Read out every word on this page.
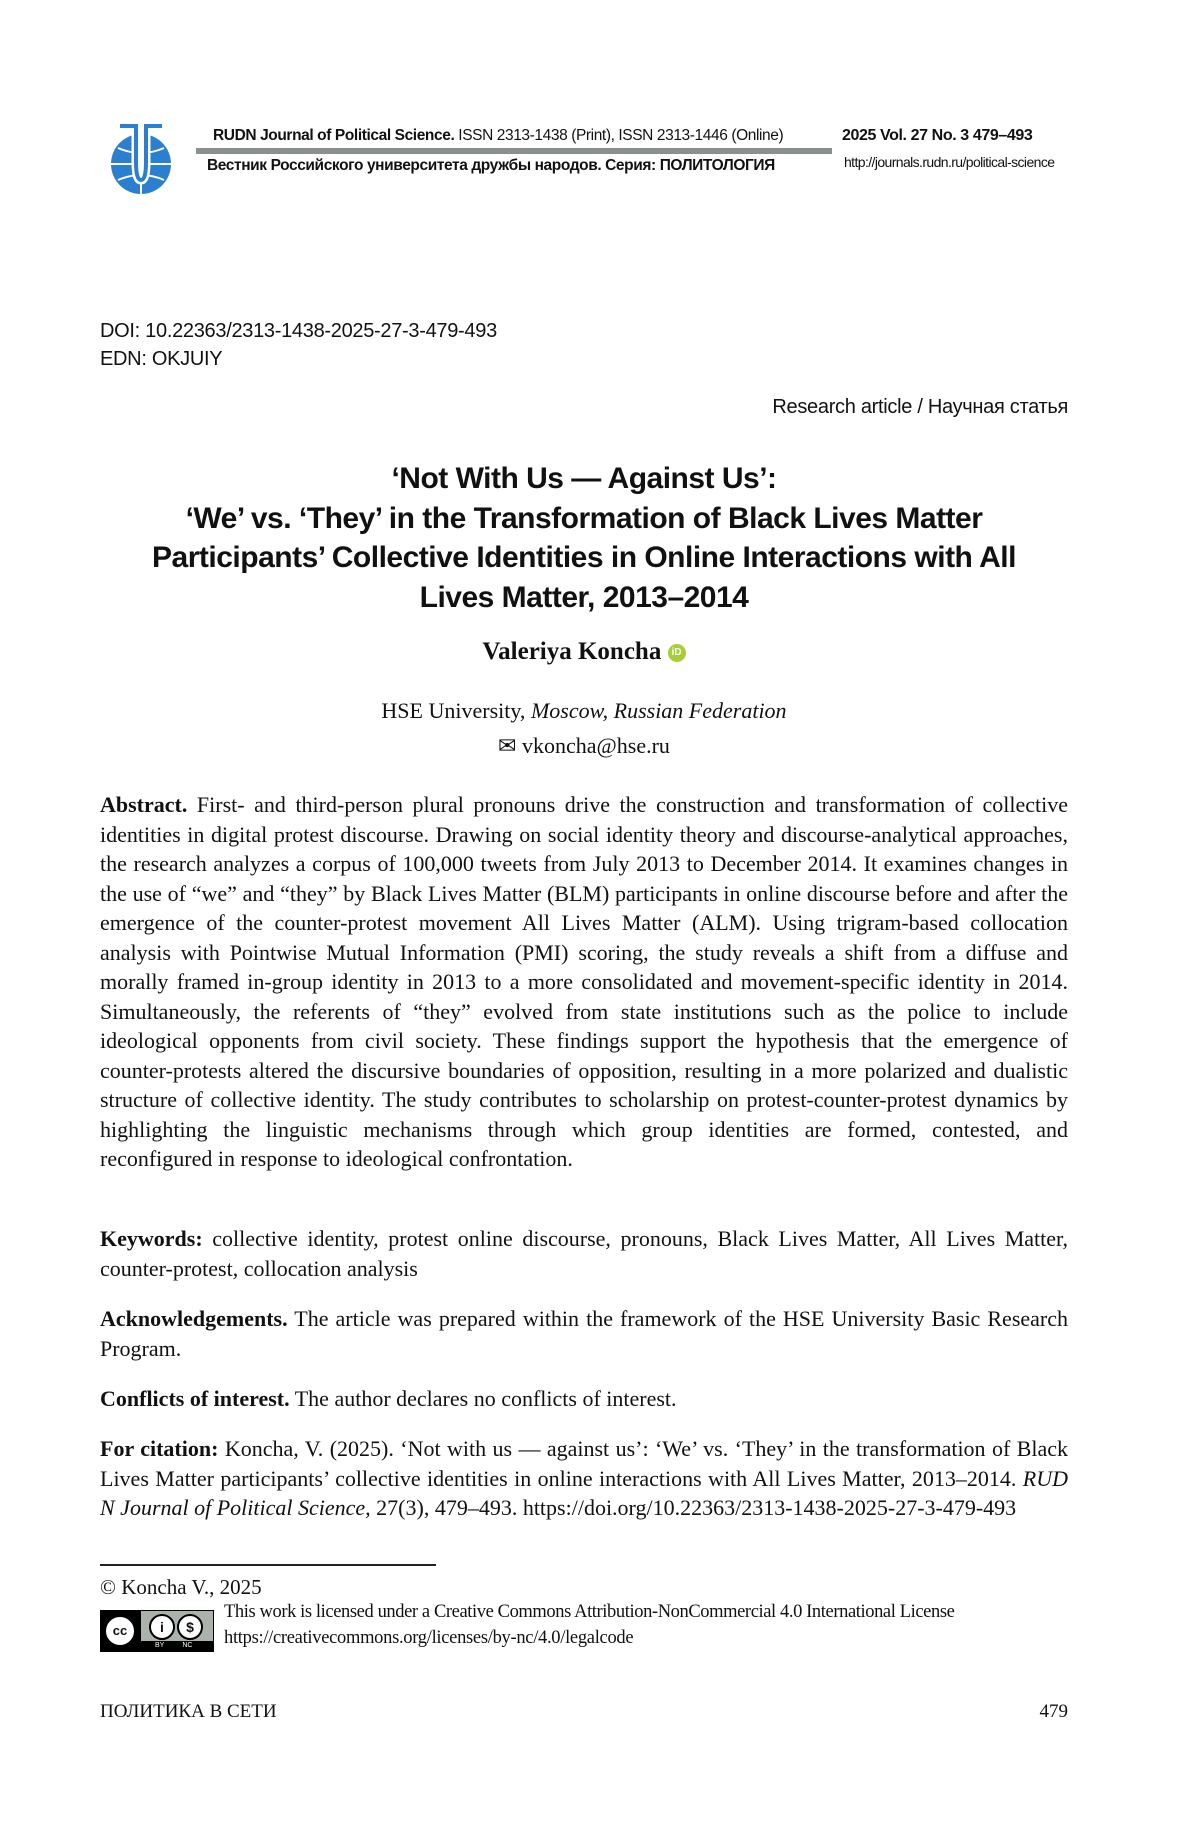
RUDN Journal of Political Science. ISSN 2313-1438 (Print), ISSN 2313-1446 (Online)
Вестник Российского университета дружбы народов. Серия: ПОЛИТОЛОГИЯ
2025 Vol. 27 No. 3 479–493
http://journals.rudn.ru/political-science
DOI: 10.22363/2313-1438-2025-27-3-479-493
EDN: OKJUIY
Research article / Научная статья
‘Not With Us — Against Us’:
‘We’ vs. ‘They’ in the Transformation of Black Lives Matter
Participants’ Collective Identities in Online Interactions with All
Lives Matter, 2013–2014
Valeriya Koncha iD
HSE University, Moscow, Russian Federation
✉ vkoncha@hse.ru
Abstract. First- and third-person plural pronouns drive the construction and transformation of collective identities in digital protest discourse. Drawing on social identity theory and discourse-analytical approaches, the research analyzes a corpus of 100,000 tweets from July 2013 to December 2014. It examines changes in the use of “we” and “they” by Black Lives Matter (BLM) participants in online discourse before and after the emergence of the counter-protest movement All Lives Matter (ALM). Using trigram-based collocation analysis with Pointwise Mutual Information (PMI) scoring, the study reveals a shift from a diffuse and morally framed in-group identity in 2013 to a more consolidated and movement-specific identity in 2014. Simultaneously, the referents of “they” evolved from state institutions such as the police to include ideological opponents from civil society. These findings support the hypothesis that the emergence of counter-protests altered the discursive boundaries of opposition, resulting in a more polarized and dualistic structure of collective identity. The study contributes to scholarship on protest-counter-protest dynamics by highlighting the linguistic mechanisms through which group identities are formed, contested, and reconfigured in response to ideological confrontation.
Keywords: collective identity, protest online discourse, pronouns, Black Lives Matter, All Lives Matter, counter-protest, collocation analysis
Acknowledgements. The article was prepared within the framework of the HSE University Basic Research Program.
Conflicts of interest. The author declares no conflicts of interest.
For citation: Koncha, V. (2025). ‘Not with us — against us’: ‘We’ vs. ‘They’ in the transformation of Black Lives Matter participants’ collective identities in online interactions with All Lives Matter, 2013–2014. RUDN Journal of Political Science, 27(3), 479–493. https://doi.org/10.22363/2313-1438-2025-27-3-479-493
© Koncha V., 2025
cc	i	$
BY	NC
This work is licensed under a Creative Commons Attribution-NonCommercial 4.0 International License
https://creativecommons.org/licenses/by-nc/4.0/legalcode
ПОЛИТИКА В СЕТИ	479
